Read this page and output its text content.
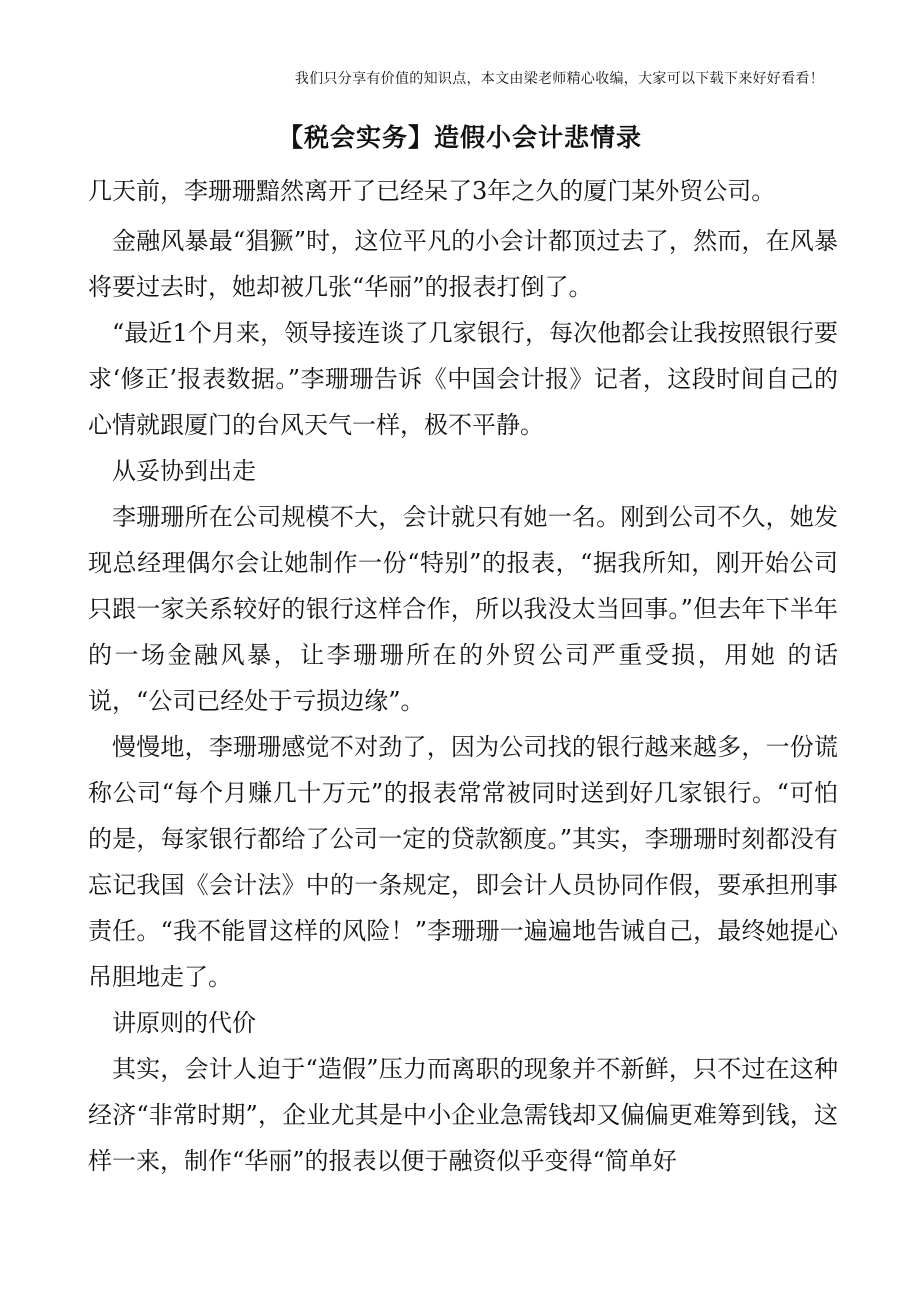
我们只分享有价值的知识点，本文由梁老师精心收编，大家可以下载下来好好看看！
【税会实务】造假小会计悲情录

几天前，李珊珊黯然离开了已经呆了3年之久的厦门某外贸公司。

金融风暴最“猖獗”时，这位平凡的小会计都顶过去了，然而，在风暴将要过去时，她却被几张“华丽”的报表打倒了。

“最近1个月来，领导接连谈了几家银行，每次他都会让我按照银行要求‘修正’报表数据。”李珊珊告诉《中国会计报》记者，这段时间自己的心情就跟厦门的台风天气一样，极不平静。

从妥协到出走

李珊珊所在公司规模不大，会计就只有她一名。刚到公司不久，她发现总经理偶尔会让她制作一份“特别”的报表，“据我所知，刚开始公司只跟一家关系较好的银行这样合作，所以我没太当回事。”但去年下半年的一场金融风暴，让李珊珊所在的外贸公司严重受损，用她 的话说，“公司已经处于亏损边缘”。

慢慢地，李珊珊感觉不对劲了，因为公司找的银行越来越多，一份谎称公司“每个月赚几十万元”的报表常常被同时送到好几家银行。“可怕的是，每家银行都给了公司一定的贷款额度。”其实，李珊珊时刻都没有忘记我国《会计法》中的一条规定，即会计人员协同作假，要承担刑事责任。“我不能冒这样的风险！”李珊珊一遍遍地告诫自己，最终她提心吊胆地走了。

讲原则的代价

其实，会计人迫于“造假”压力而离职的现象并不新鲜，只不过在这种经济“非常时期”，企业尤其是中小企业急需钱却又偏偏更难筹到钱，这样一来，制作“华丽”的报表以便于融资似乎变得“简单好
